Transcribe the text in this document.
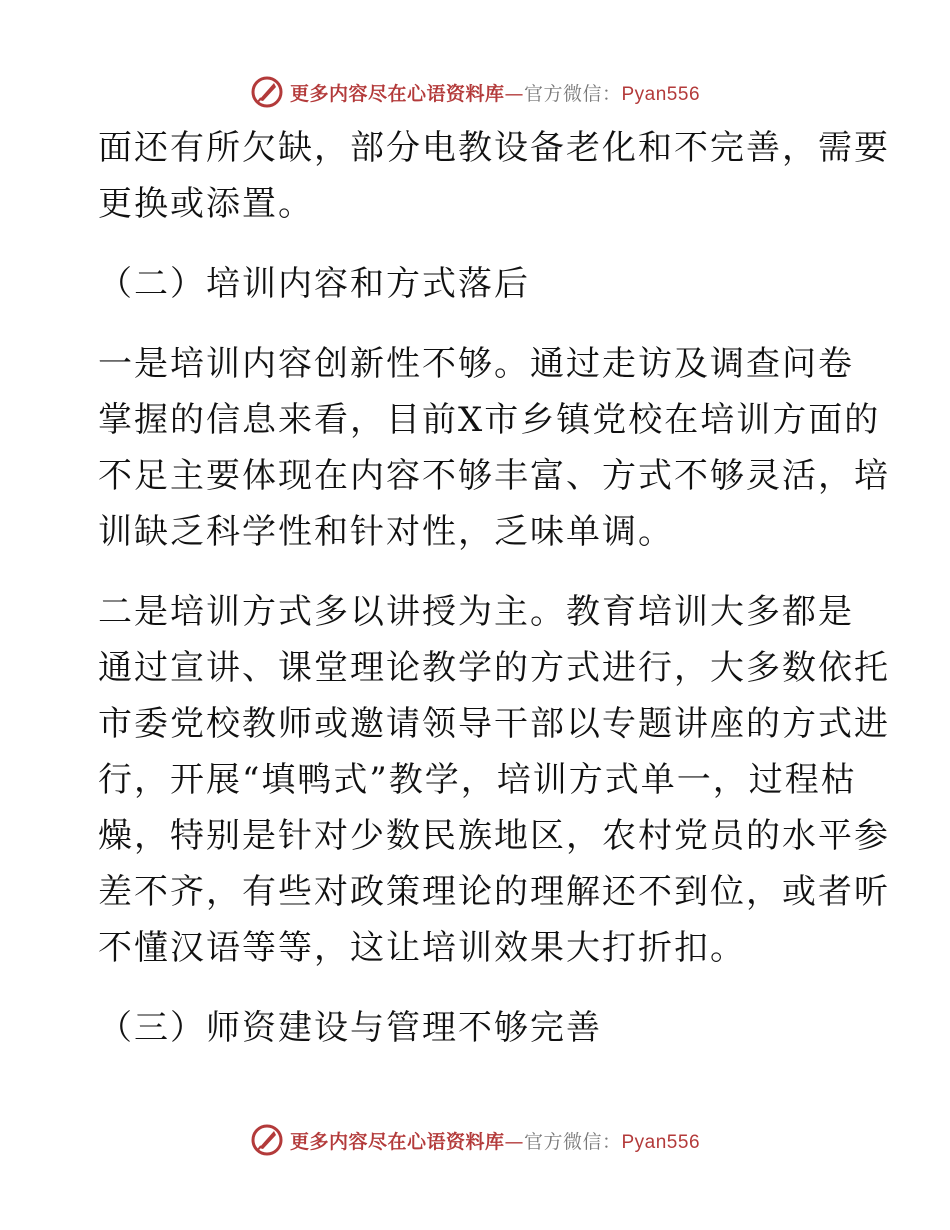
更多内容尽在心语资料库—官方微信：Pyan556
面还有所欠缺，部分电教设备老化和不完善，需要
更换或添置。
（二）培训内容和方式落后
一是培训内容创新性不够。通过走访及调查问卷
掌握的信息来看，目前X市乡镇党校在培训方面的
不足主要体现在内容不够丰富、方式不够灵活，培
训缺乏科学性和针对性，乏味单调。
二是培训方式多以讲授为主。教育培训大多都是
通过宣讲、课堂理论教学的方式进行，大多数依托
市委党校教师或邀请领导干部以专题讲座的方式进
行，开展“填鸭式”教学，培训方式单一，过程枯
燥，特别是针对少数民族地区，农村党员的水平参
差不齐，有些对政策理论的理解还不到位，或者听
不懂汉语等等，这让培训效果大打折扣。
（三）师资建设与管理不够完善
更多内容尽在心语资料库—官方微信：Pyan556
